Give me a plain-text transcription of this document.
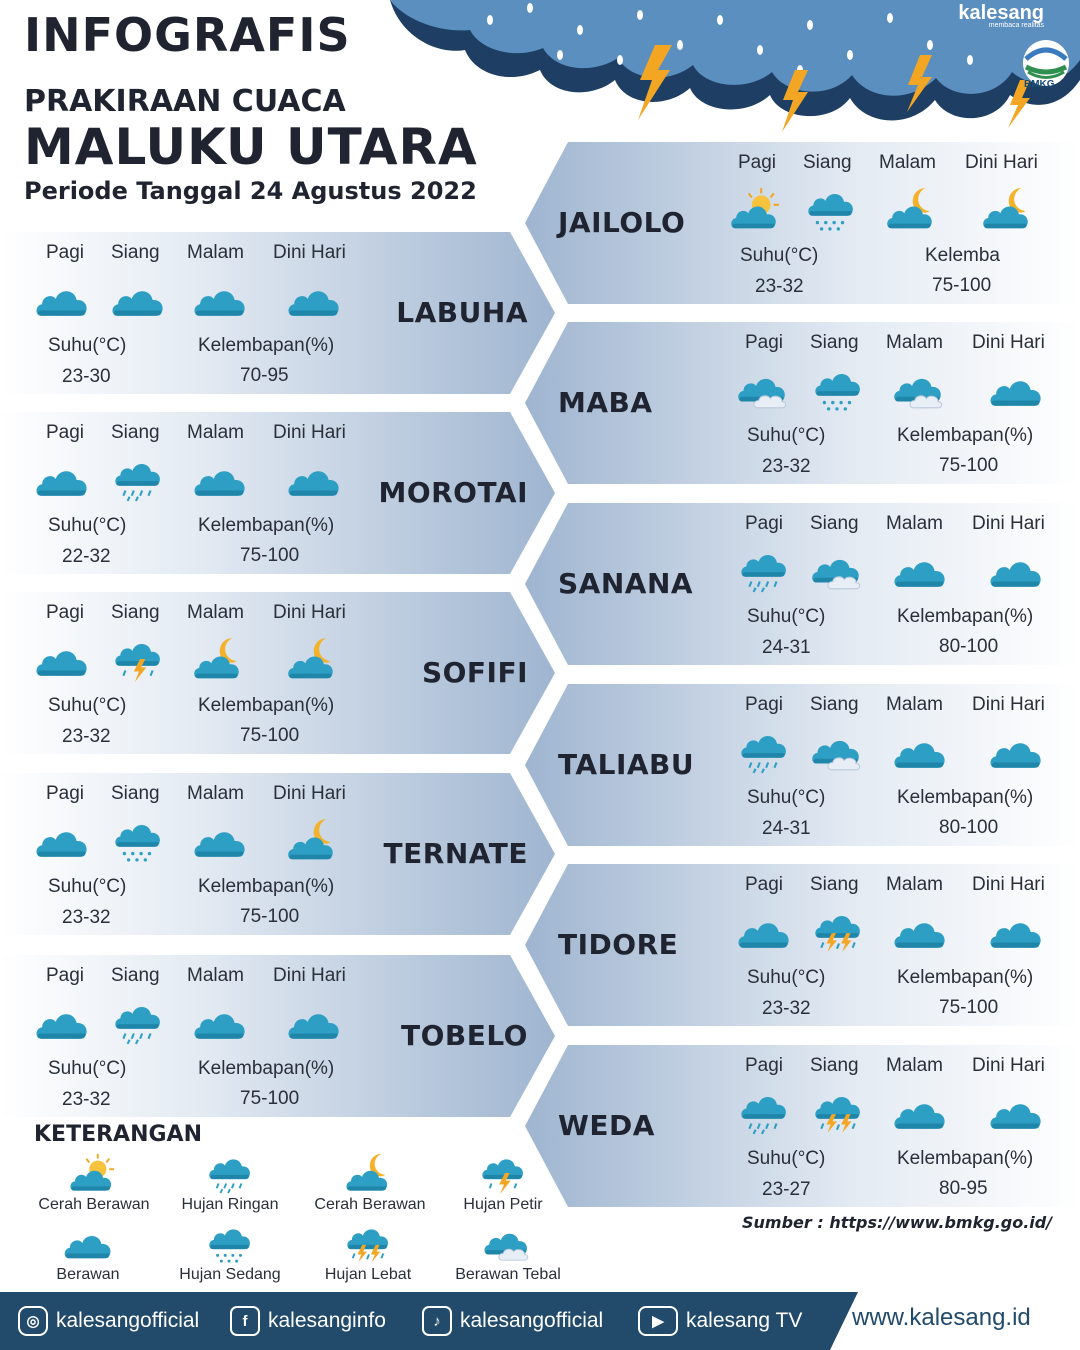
kalesang
membaca realitas
BMKG
INFOGRAFIS
PRAKIRAAN CUACA
MALUKU UTARA
Periode Tanggal 24 Agustus 2022
Pagi Siang Malam Dini Hari
Suhu(°C)
23-30
Kelembapan(%)
70-95
LABUHA
Pagi Siang Malam Dini Hari
Suhu(°C)
22-32
Kelembapan(%)
75-100
MOROTAI
Pagi Siang Malam Dini Hari
Suhu(°C)
23-32
Kelembapan(%)
75-100
SOFIFI
Pagi Siang Malam Dini Hari
Suhu(°C)
23-32
Kelembapan(%)
75-100
TERNATE
Pagi Siang Malam Dini Hari
Suhu(°C)
23-32
Kelembapan(%)
75-100
TOBELO
Pagi Siang Malam Dini Hari
Suhu(°C)
23-32
Kelemba
75-100
JAILOLO
Pagi Siang Malam Dini Hari
Suhu(°C)
23-32
Kelembapan(%)
75-100
MABA
Pagi Siang Malam Dini Hari
Suhu(°C)
24-31
Kelembapan(%)
80-100
SANANA
Pagi Siang Malam Dini Hari
Suhu(°C)
24-31
Kelembapan(%)
80-100
TALIABU
Pagi Siang Malam Dini Hari
Suhu(°C)
23-32
Kelembapan(%)
75-100
TIDORE
Pagi Siang Malam Dini Hari
Suhu(°C)
23-27
Kelembapan(%)
80-95
WEDA
KETERANGAN
Cerah Berawan	Hujan Ringan	Cerah Berawan	Hujan Petir
Berawan	Hujan Sedang	Hujan Lebat	Berawan Tebal
Sumber : https://www.bmkg.go.id/
◎ kalesangofficial	f kalesanginfo	♪ kalesangofficial	▶	kalesang TV www.kalesang.id
